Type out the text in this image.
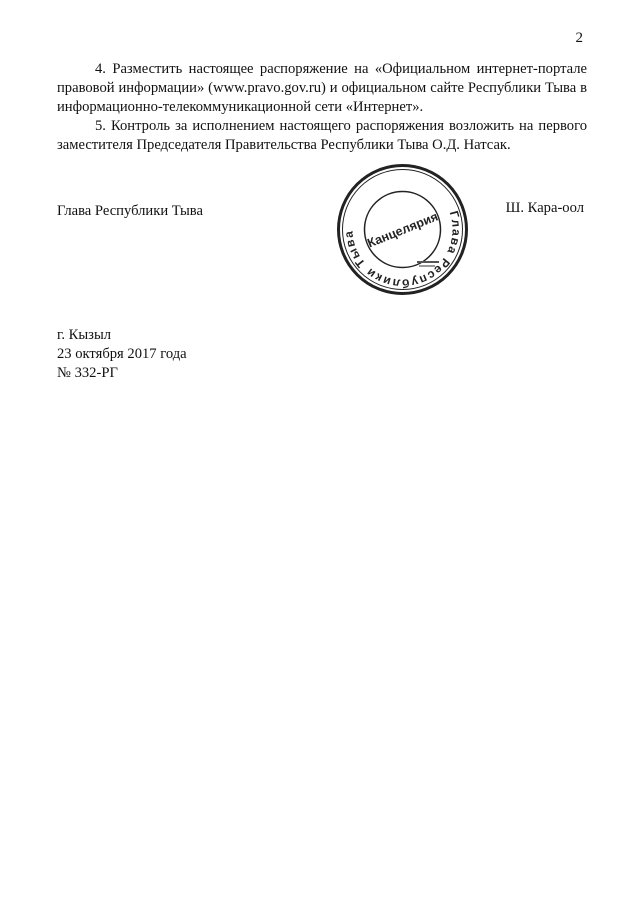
2
4. Разместить настоящее распоряжение на «Официальном интернет-портале правовой информации» (www.pravo.gov.ru) и официальном сайте Республики Тыва в информационно-телекоммуникационной сети «Интернет».
5. Контроль за исполнением настоящего распоряжения возложить на первого заместителя Председателя Правительства Республики Тыва О.Д. Натсак.
Глава Республики Тыва	Глава Республики Тыва Канцелярия
Ш. Кара-оол
г. Кызыл
23 октября 2017 года
№ 332-РГ
